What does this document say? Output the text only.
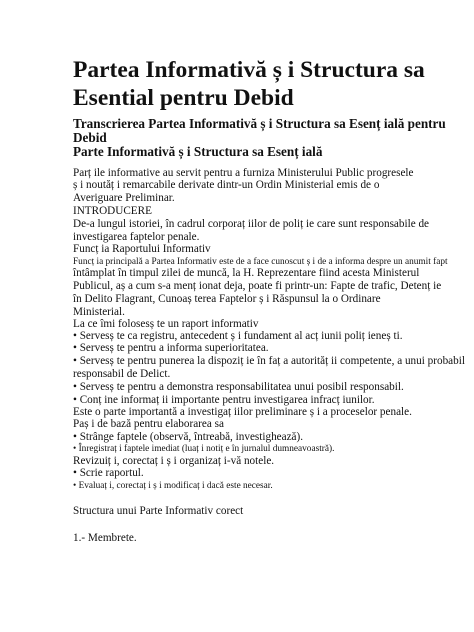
Partea Informativă ș i Structura sa
Esential pentru Debid
Transcrierea Partea Informativă ș i Structura sa Esenț ială pentru
Debid
Parte Informativă ș i Structura sa Esenț ială
Parț ile informative au servit pentru a furniza Ministerului Public progresele
ș i noutăț i remarcabile derivate dintr-un Ordin Ministerial emis de o
Averiguare Preliminar.
INTRODUCERE
De-a lungul istoriei, în cadrul corporaț iilor de poliț ie care sunt responsabile de
investigarea faptelor penale.
Funcț ia Raportului Informativ
Funcț ia principală a Partea Informativ este de a face cunoscut ș i de a informa despre un anumit fapt
întâmplat în timpul zilei de muncă, la H. Reprezentare fiind acesta Ministerul
Publicul, aș a cum s-a menț ionat deja, poate fi printr-un: Fapte de trafic, Detenț ie
în Delito Flagrant, Cunoaș terea Faptelor ș i Răspunsul la o Ordinare
Ministerial.
La ce îmi folosesș te un raport informativ
• Servesș te ca registru, antecedent ș i fundament al acț iunii poliț ieneș ti.
• Servesș te pentru a informa superioritatea.
• Servesș te pentru punerea la dispoziț ie în faț a autorităț ii competente, a unui probabil
responsabil de Delict.
• Servesș te pentru a demonstra responsabilitatea unui posibil responsabil.
• Conț ine informaț ii importante pentru investigarea infracț iunilor.
Este o parte importantă a investigaț iilor preliminare ș i a proceselor penale.
Paș i de bază pentru elaborarea sa
• Strânge faptele (observă, întreabă, investighează).
• Înregistraț i faptele imediat (luaț i notiț e în jurnalul dumneavoastră).
Revizuiț i, corectaț i ș i organizaț i-vă notele.
• Scrie raportul.
• Evaluaț i, corectaț i ș i modificaț i dacă este necesar.
Structura unui Parte Informativ corect
1.- Membrete.
